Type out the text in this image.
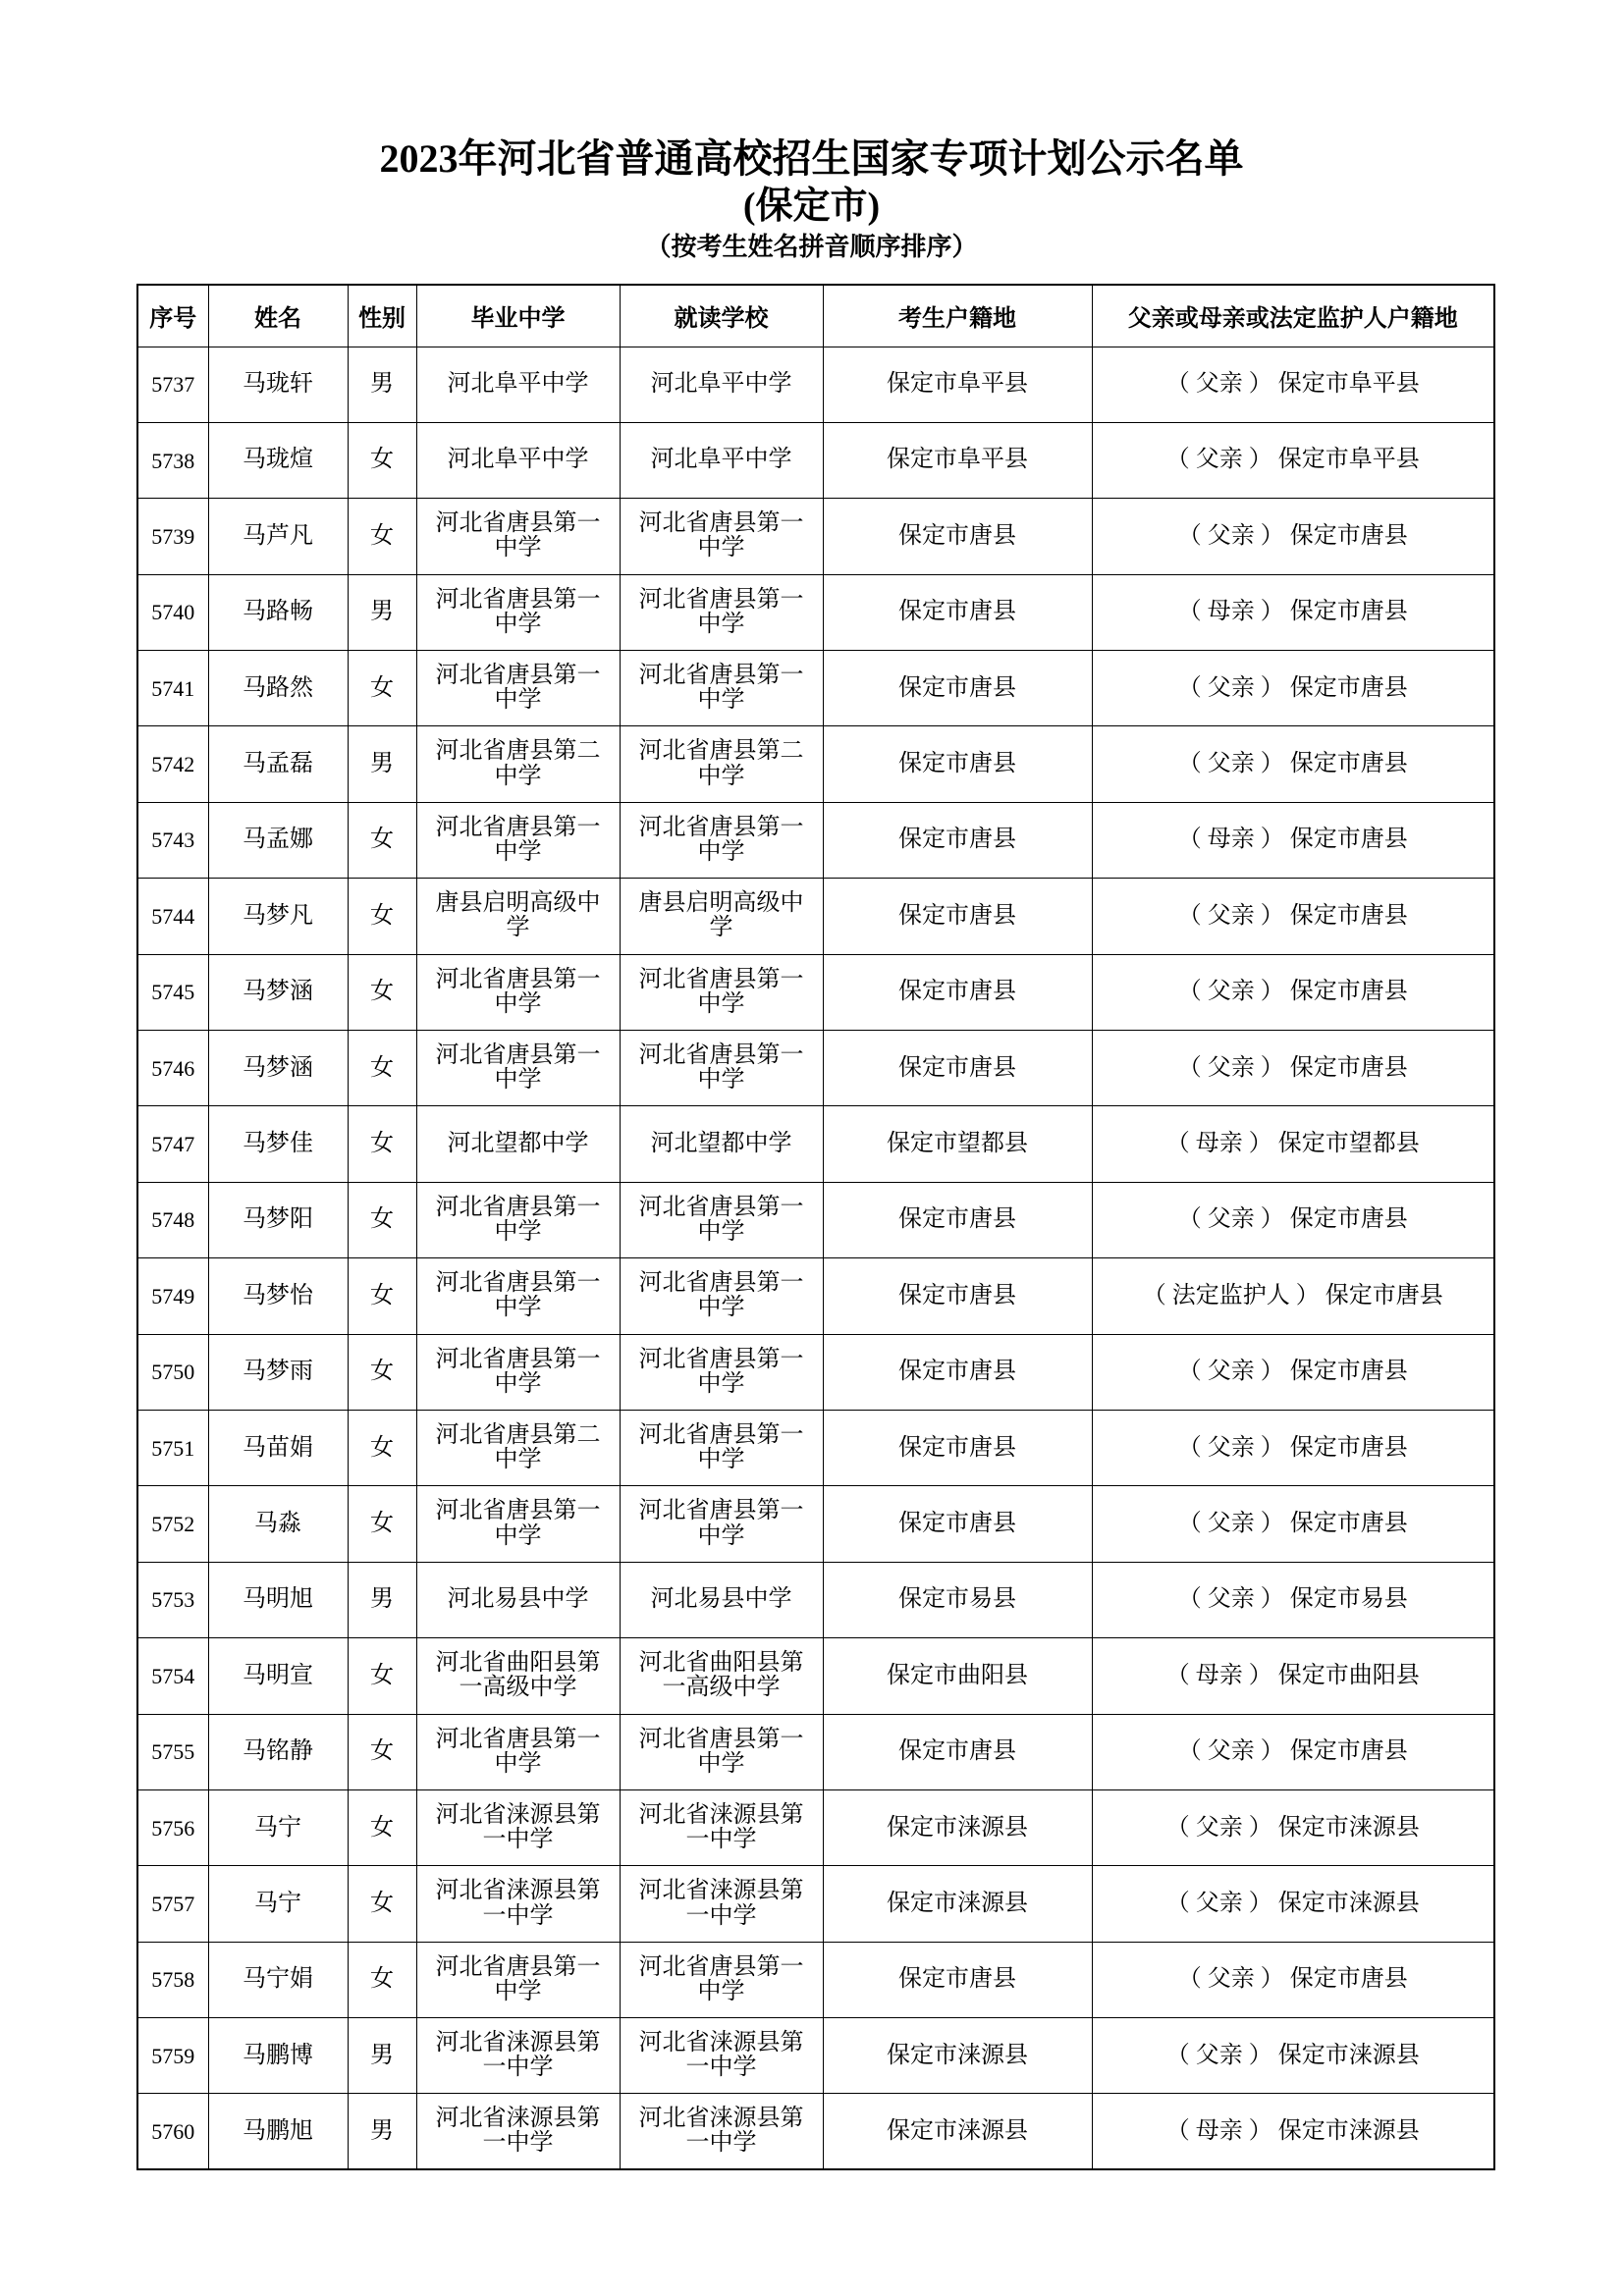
2023年河北省普通高校招生国家专项计划公示名单
(保定市)
（按考生姓名拼音顺序排序）
序号	姓名	性别	毕业中学	就读学校	考生户籍地	父亲或母亲或法定监护人户籍地

5737	马珑轩	男	河北阜平中学	河北阜平中学	保定市阜平县	（ 父亲 ） 保定市阜平县

5738	马珑煊	女	河北阜平中学	河北阜平中学	保定市阜平县	（ 父亲 ） 保定市阜平县

5739	马芦凡	女	河北省唐县第一中学	河北省唐县第一中学	保定市唐县	（ 父亲 ） 保定市唐县

5740	马路畅	男	河北省唐县第一中学	河北省唐县第一中学	保定市唐县	（ 母亲 ） 保定市唐县

5741	马路然	女	河北省唐县第一中学	河北省唐县第一中学	保定市唐县	（ 父亲 ） 保定市唐县

5742	马孟磊	男	河北省唐县第二中学	河北省唐县第二中学	保定市唐县	（ 父亲 ） 保定市唐县

5743	马孟娜	女	河北省唐县第一中学	河北省唐县第一中学	保定市唐县	（ 母亲 ） 保定市唐县

5744	马梦凡	女	唐县启明高级中学	唐县启明高级中学	保定市唐县	（ 父亲 ） 保定市唐县

5745	马梦涵	女	河北省唐县第一中学	河北省唐县第一中学	保定市唐县	（ 父亲 ） 保定市唐县

5746	马梦涵	女	河北省唐县第一中学	河北省唐县第一中学	保定市唐县	（ 父亲 ） 保定市唐县

5747	马梦佳	女	河北望都中学	河北望都中学	保定市望都县	（ 母亲 ） 保定市望都县

5748	马梦阳	女	河北省唐县第一中学	河北省唐县第一中学	保定市唐县	（ 父亲 ） 保定市唐县

5749	马梦怡	女	河北省唐县第一中学	河北省唐县第一中学	保定市唐县	（ 法定监护人 ） 保定市唐县

5750	马梦雨	女	河北省唐县第一中学	河北省唐县第一中学	保定市唐县	（ 父亲 ） 保定市唐县

5751	马苗娟	女	河北省唐县第二中学	河北省唐县第一中学	保定市唐县	（ 父亲 ） 保定市唐县

5752	马淼	女	河北省唐县第一中学	河北省唐县第一中学	保定市唐县	（ 父亲 ） 保定市唐县

5753	马明旭	男	河北易县中学	河北易县中学	保定市易县	（ 父亲 ） 保定市易县

5754	马明宣	女	河北省曲阳县第一高级中学	河北省曲阳县第一高级中学	保定市曲阳县	（ 母亲 ） 保定市曲阳县

5755	马铭静	女	河北省唐县第一中学	河北省唐县第一中学	保定市唐县	（ 父亲 ） 保定市唐县

5756	马宁	女	河北省涞源县第一中学	河北省涞源县第一中学	保定市涞源县	（ 父亲 ） 保定市涞源县

5757	马宁	女	河北省涞源县第一中学	河北省涞源县第一中学	保定市涞源县	（ 父亲 ） 保定市涞源县

5758	马宁娟	女	河北省唐县第一中学	河北省唐县第一中学	保定市唐县	（ 父亲 ） 保定市唐县

5759	马鹏博	男	河北省涞源县第一中学	河北省涞源县第一中学	保定市涞源县	（ 父亲 ） 保定市涞源县

5760	马鹏旭	男	河北省涞源县第一中学	河北省涞源县第一中学	保定市涞源县	（ 母亲 ） 保定市涞源县
